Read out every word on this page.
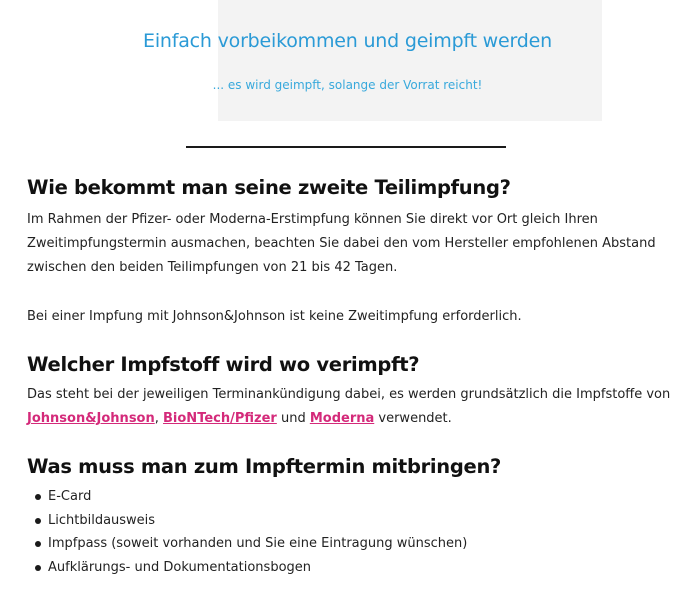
Einfach vorbeikommen und geimpft werden
... es wird geimpft, solange der Vorrat reicht!
Wie bekommt man seine zweite Teilimpfung?

Im Rahmen der Pfizer- oder Moderna-Erstimpfung können Sie direkt vor Ort gleich Ihren Zweitimpfungstermin ausmachen, beachten Sie dabei den vom Hersteller empfohlenen Abstand zwischen den beiden Teilimpfungen von 21 bis 42 Tagen.

Bei einer Impfung mit Johnson&Johnson ist keine Zweitimpfung erforderlich.

Welcher Impfstoff wird wo verimpft?

Das steht bei der jeweiligen Terminankündigung dabei, es werden grundsätzlich die Impfstoffe von Johnson&Johnson, BioNTech/Pfizer und Moderna verwendet.

Was muss man zum Impftermin mitbringen?
E-Card
Lichtbildausweis
Impfpass (soweit vorhanden und Sie eine Eintragung wünschen)
Aufklärungs- und Dokumentationsbogen
